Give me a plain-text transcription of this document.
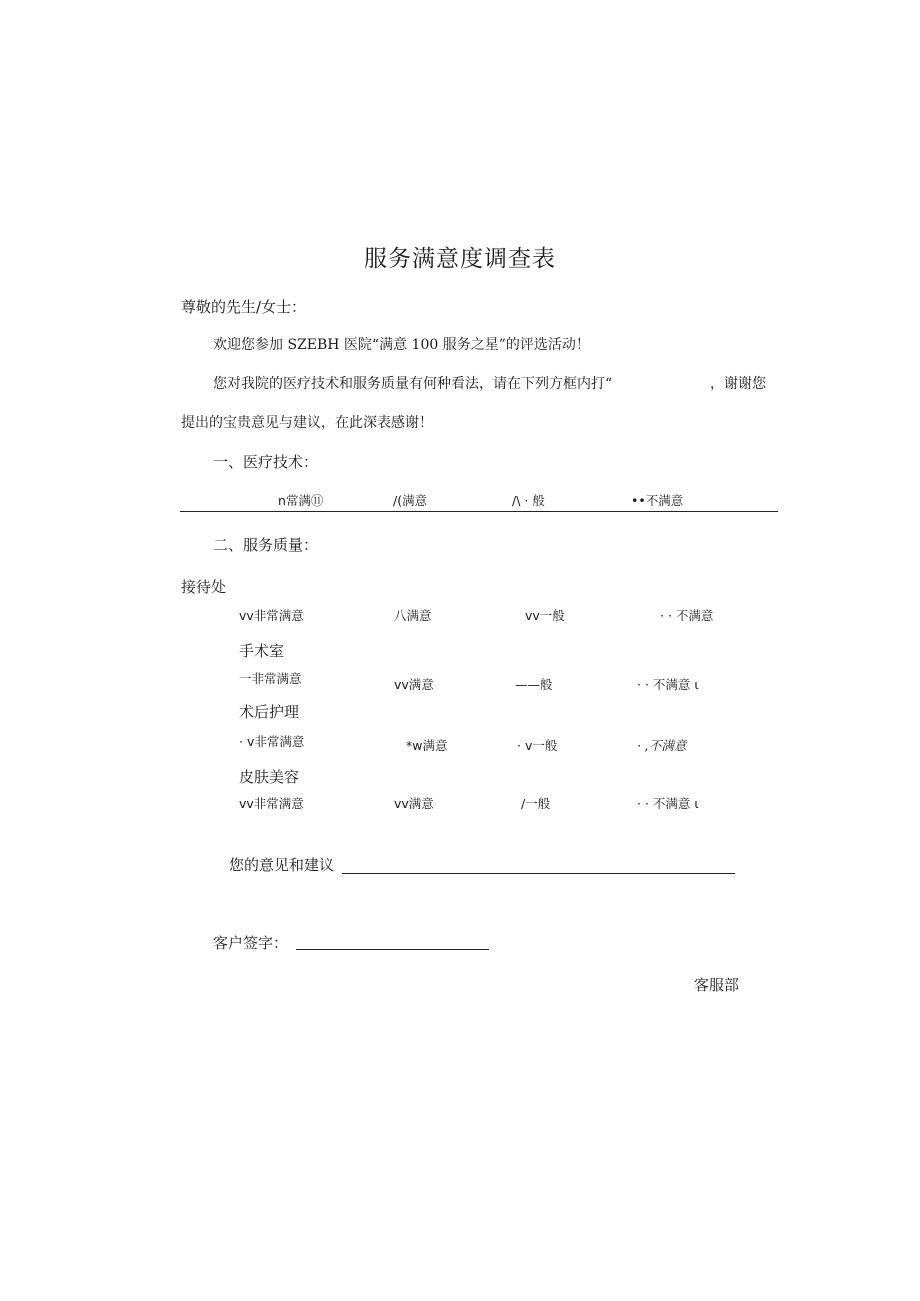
服务满意度调查表
尊敬的先生/女士：
欢迎您参加 SZEBH 医院“满意 100 服务之星”的评选活动！
您对我院的医疗技术和服务质量有何种看法，请在下列方框内打“	，谢谢您
提出的宝贵意见与建议，在此深表感谢！
一、医疗技术：
n常满⑪	/(满意	/\ · 般	••不满意
二、服务质量：
接待处
vv非常满意	八满意	vv一般	· · 不满意
手术室
一非常满意	vv满意	——般	· · 不满意 ι
术后护理
· v非常满意	*w满意	· v一般	· ,不满意
皮肤美容
vv非常满意	vv满意	/一般	· · 不满意 ι
您的意见和建议
客户签字：
客服部
